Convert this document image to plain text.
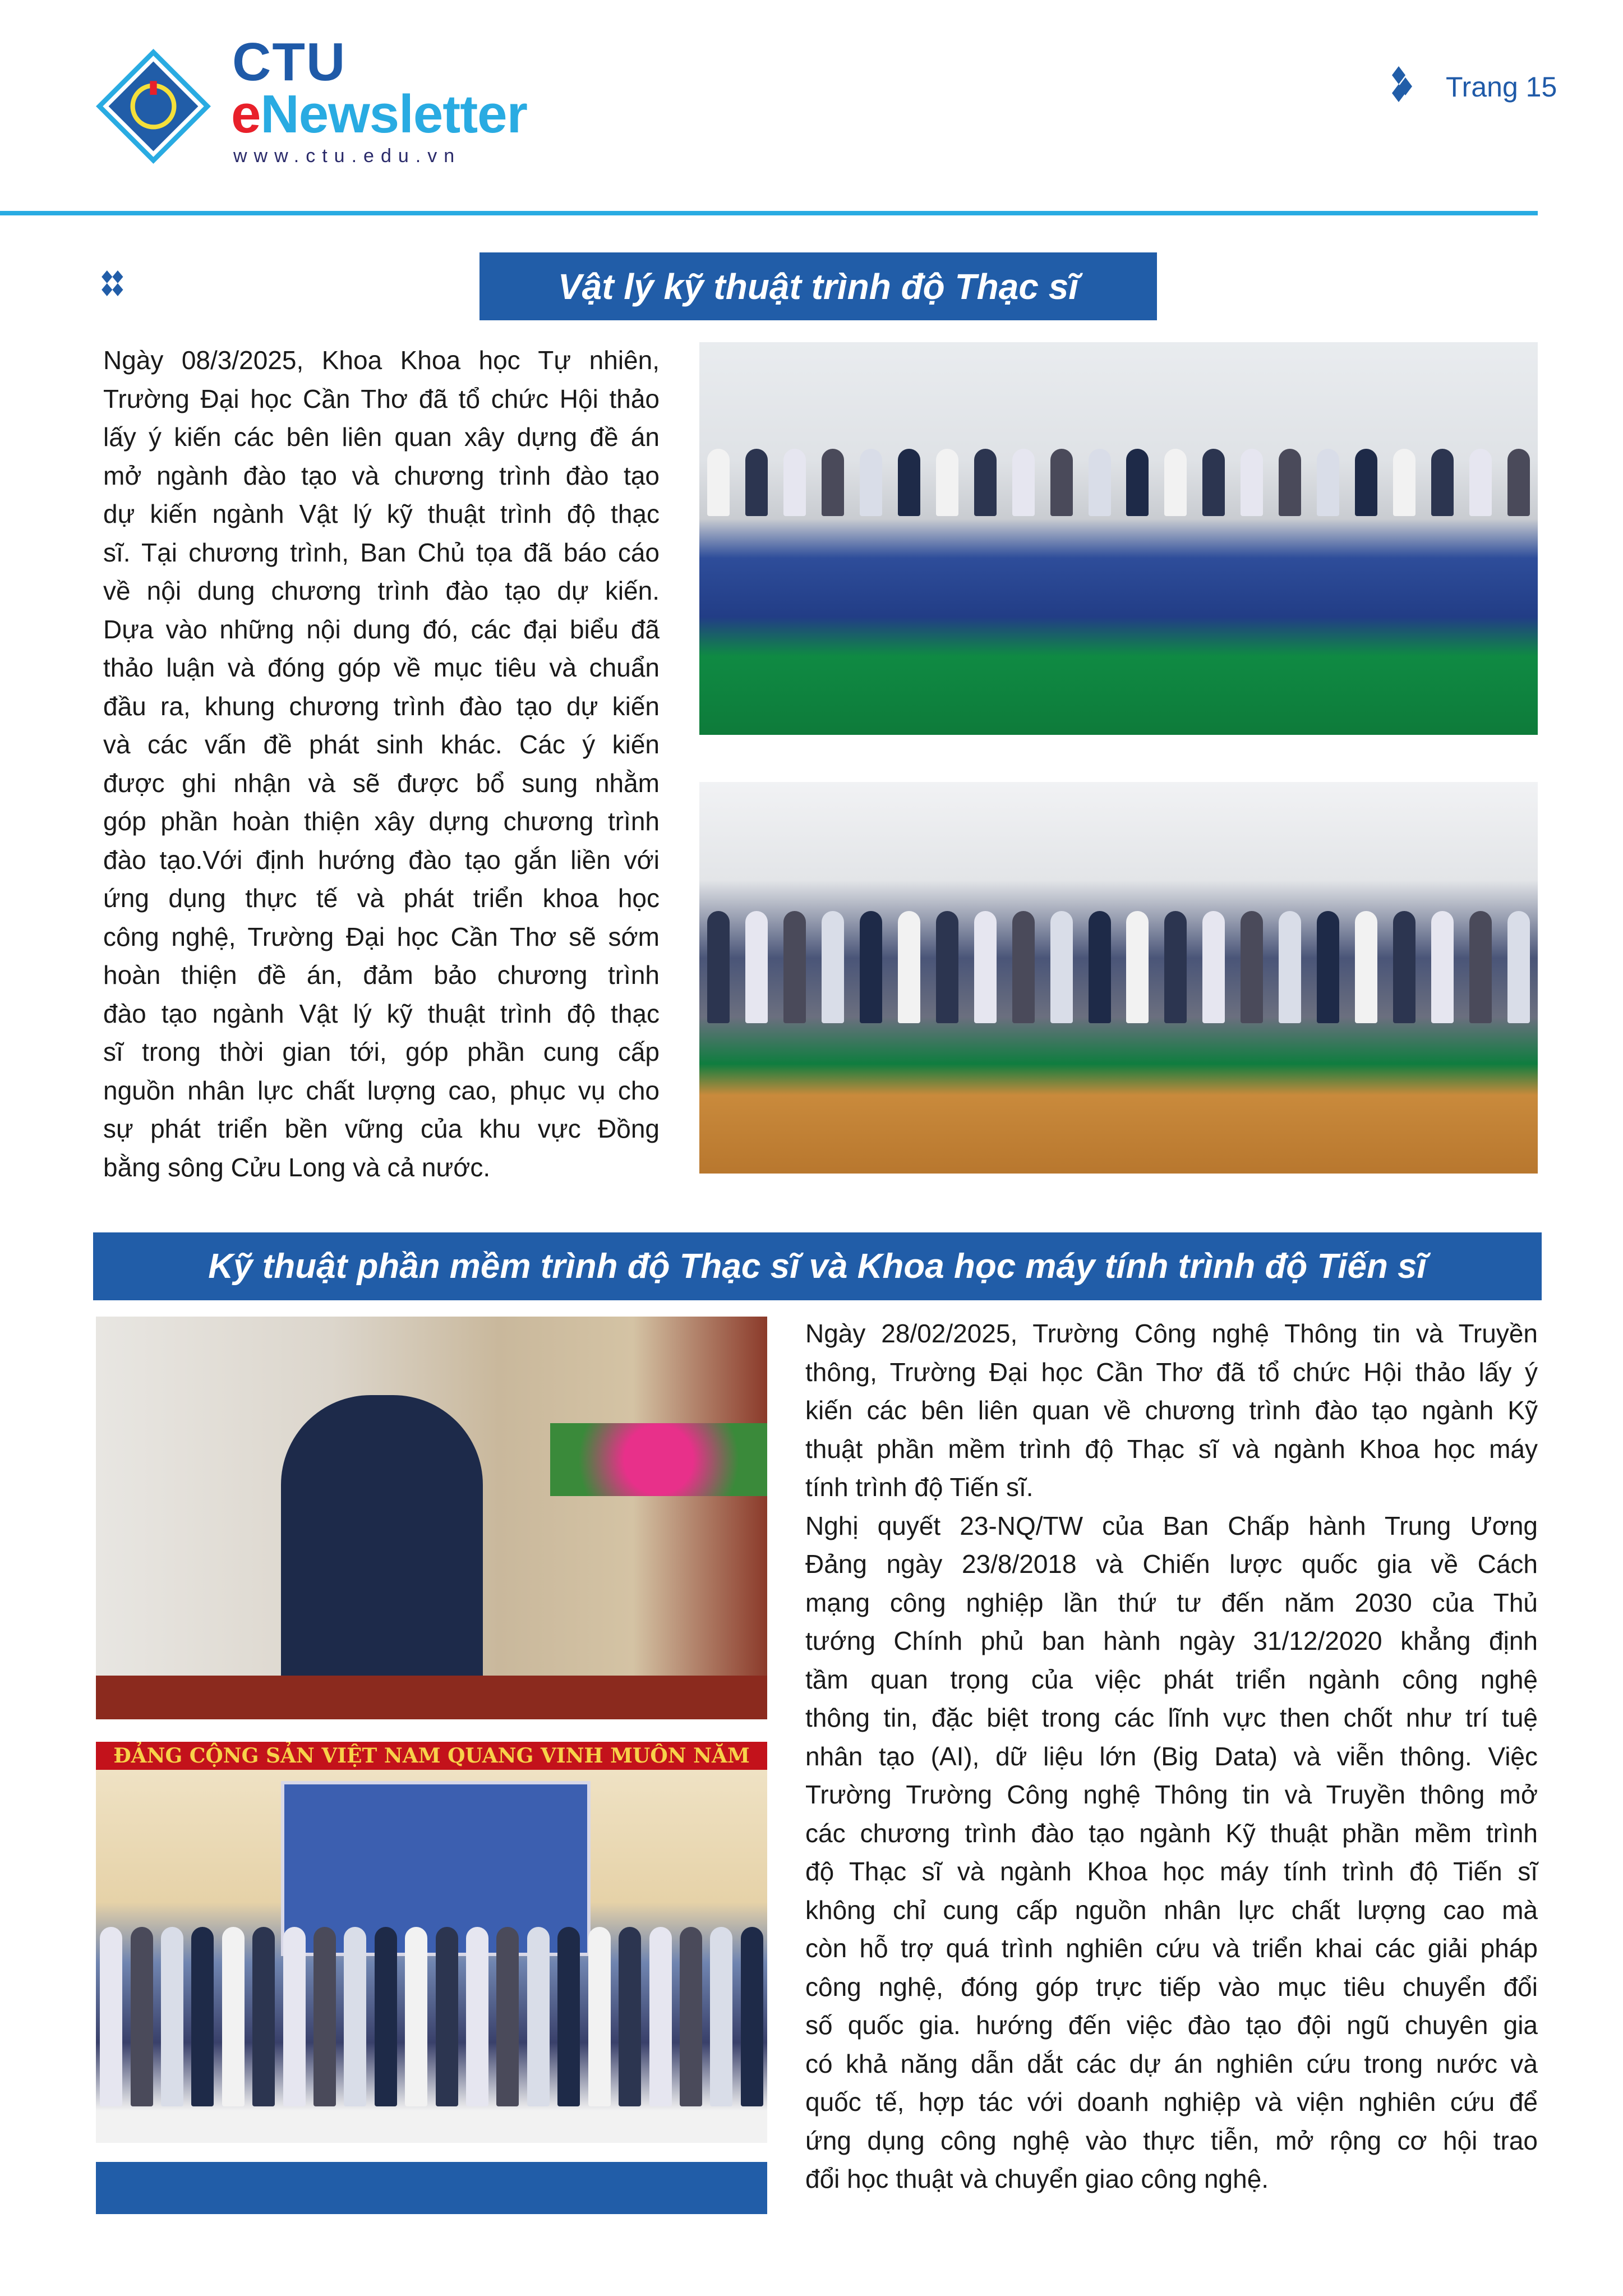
CTU
eNewsletter
www.ctu.edu.vn
Trang 15
Vật lý kỹ thuật trình độ Thạc sĩ
Ngày 08/3/2025, Khoa Khoa học Tự nhiên,
Trường Đại học Cần Thơ đã tổ chức Hội thảo
lấy ý kiến các bên liên quan xây dựng đề án
mở ngành đào tạo và chương trình đào tạo
dự kiến ngành Vật lý kỹ thuật trình độ thạc
sĩ. Tại chương trình, Ban Chủ tọa đã báo cáo
về nội dung chương trình đào tạo dự kiến.
Dựa vào những nội dung đó, các đại biểu đã
thảo luận và đóng góp về mục tiêu và chuẩn
đầu ra, khung chương trình đào tạo dự kiến
và các vấn đề phát sinh khác. Các ý kiến
được ghi nhận và sẽ được bổ sung nhằm
góp phần hoàn thiện xây dựng chương trình
đào tạo.Với định hướng đào tạo gắn liền với
ứng dụng thực tế và phát triển khoa học
công nghệ, Trường Đại học Cần Thơ sẽ sớm
hoàn thiện đề án, đảm bảo chương trình
đào tạo ngành Vật lý kỹ thuật trình độ thạc
sĩ trong thời gian tới, góp phần cung cấp
nguồn nhân lực chất lượng cao, phục vụ cho
sự phát triển bền vững của khu vực Đồng
bằng sông Cửu Long và cả nước.
Kỹ thuật phần mềm trình độ Thạc sĩ và Khoa học máy tính trình độ Tiến sĩ
ĐẢNG CỘNG SẢN VIỆT NAM QUANG VINH MUÔN NĂM
Ngày 28/02/2025, Trường Công nghệ Thông tin và Truyền
thông, Trường Đại học Cần Thơ đã tổ chức Hội thảo lấy ý
kiến các bên liên quan về chương trình đào tạo ngành Kỹ
thuật phần mềm trình độ Thạc sĩ và ngành Khoa học máy
tính trình độ Tiến sĩ.
Nghị quyết 23-NQ/TW của Ban Chấp hành Trung Ương
Đảng ngày 23/8/2018 và Chiến lược quốc gia về Cách
mạng công nghiệp lần thứ tư đến năm 2030 của Thủ
tướng Chính phủ ban hành ngày 31/12/2020 khẳng định
tầm quan trọng của việc phát triển ngành công nghệ
thông tin, đặc biệt trong các lĩnh vực then chốt như trí tuệ
nhân tạo (AI), dữ liệu lớn (Big Data) và viễn thông. Việc
Trường Trường Công nghệ Thông tin và Truyền thông mở
các chương trình đào tạo ngành Kỹ thuật phần mềm trình
độ Thạc sĩ và ngành Khoa học máy tính trình độ Tiến sĩ
không chỉ cung cấp nguồn nhân lực chất lượng cao mà
còn hỗ trợ quá trình nghiên cứu và triển khai các giải pháp
công nghệ, đóng góp trực tiếp vào mục tiêu chuyển đổi
số quốc gia. hướng đến việc đào tạo đội ngũ chuyên gia
có khả năng dẫn dắt các dự án nghiên cứu trong nước và
quốc tế, hợp tác với doanh nghiệp và viện nghiên cứu để
ứng dụng công nghệ vào thực tiễn, mở rộng cơ hội trao
đổi học thuật và chuyển giao công nghệ.
